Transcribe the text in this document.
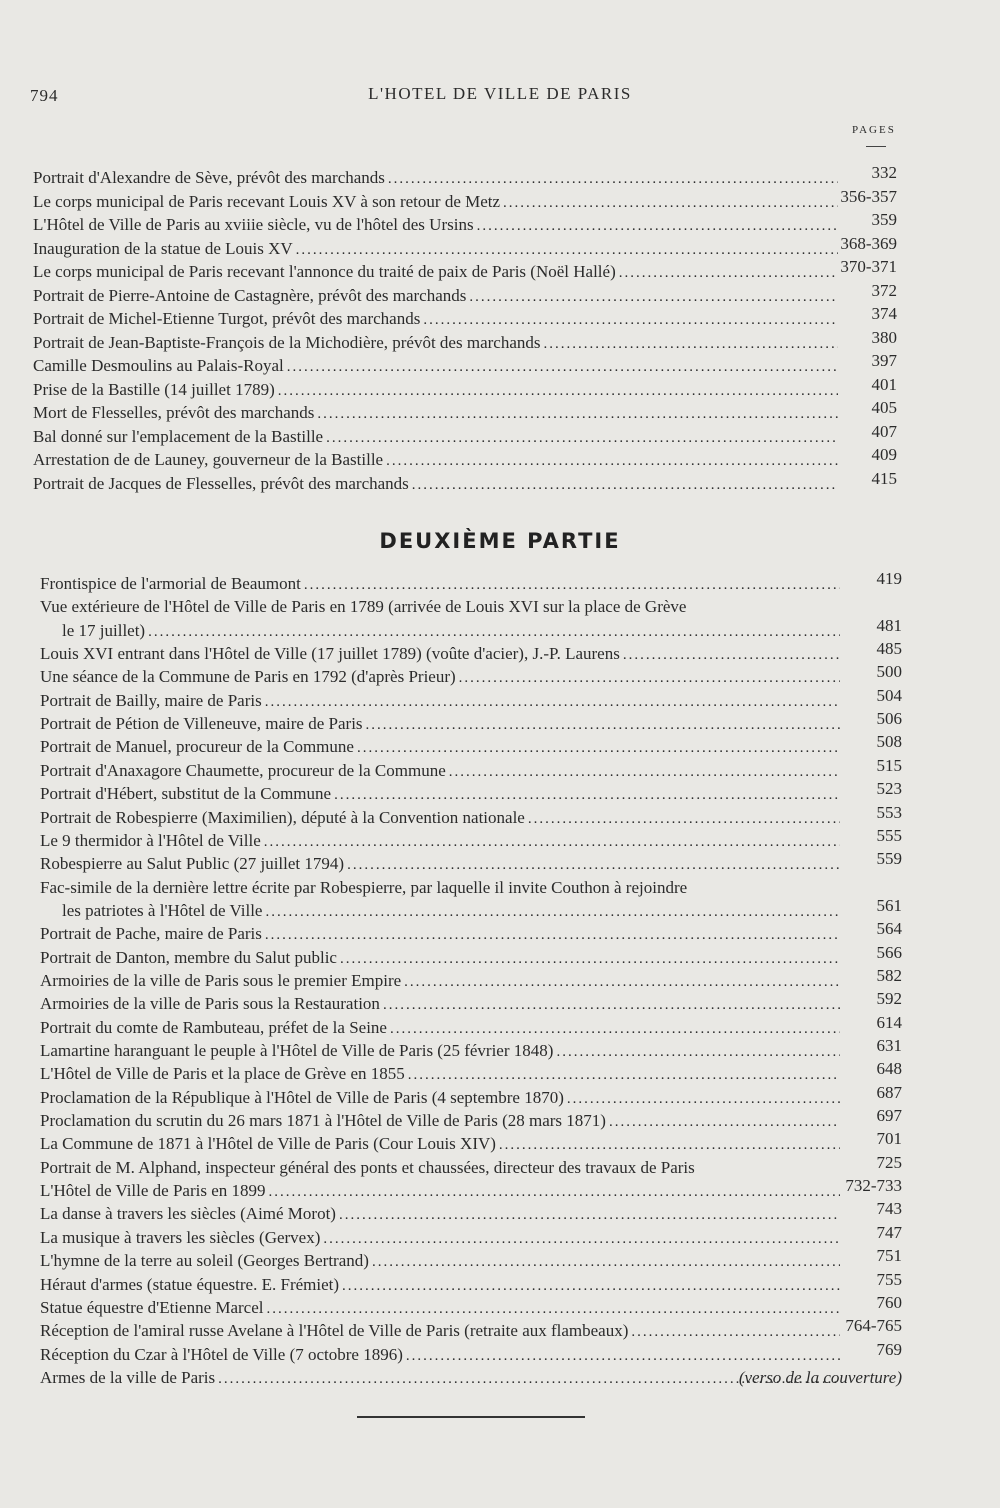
794	L'HOTEL DE VILLE DE PARIS
PAGES
Portrait d'Alexandre de Sève, prévôt des marchands .....	332
Le corps municipal de Paris recevant Louis XV à son retour de Metz .....	356-357
L'Hôtel de Ville de Paris au xviiie siècle, vu de l'hôtel des Ursins .....	359
Inauguration de la statue de Louis XV .....	368-369
Le corps municipal de Paris recevant l'annonce du traité de paix de Paris (Noël Hallé) .....	370-371
Portrait de Pierre-Antoine de Castagnère, prévôt des marchands .....	372
Portrait de Michel-Etienne Turgot, prévôt des marchands .....	374
Portrait de Jean-Baptiste-François de la Michodière, prévôt des marchands .....	380
Camille Desmoulins au Palais-Royal .....	397
Prise de la Bastille (14 juillet 1789) .....	401
Mort de Flesselles, prévôt des marchands .....	405
Bal donné sur l'emplacement de la Bastille .....	407
Arrestation de de Launey, gouverneur de la Bastille .....	409
Portrait de Jacques de Flesselles, prévôt des marchands .....	415
DEUXIÈME PARTIE
Frontispice de l'armorial de Beaumont .....	419
Vue extérieure de l'Hôtel de Ville de Paris en 1789 (arrivée de Louis XVI sur la place de Grève
le 17 juillet) .....	481
Louis XVI entrant dans l'Hôtel de Ville (17 juillet 1789) (voûte d'acier), J.-P. Laurens .....	485
Une séance de la Commune de Paris en 1792 (d'après Prieur) .....	500
Portrait de Bailly, maire de Paris .....	504
Portrait de Pétion de Villeneuve, maire de Paris .....	506
Portrait de Manuel, procureur de la Commune .....	508
Portrait d'Anaxagore Chaumette, procureur de la Commune .....	515
Portrait d'Hébert, substitut de la Commune .....	523
Portrait de Robespierre (Maximilien), député à la Convention nationale .....	553
Le 9 thermidor à l'Hôtel de Ville .....	555
Robespierre au Salut Public (27 juillet 1794) .....	559
Fac-simile de la dernière lettre écrite par Robespierre, par laquelle il invite Couthon à rejoindre
les patriotes à l'Hôtel de Ville .....	561
Portrait de Pache, maire de Paris .....	564
Portrait de Danton, membre du Salut public .....	566
Armoiries de la ville de Paris sous le premier Empire .....	582
Armoiries de la ville de Paris sous la Restauration .....	592
Portrait du comte de Rambuteau, préfet de la Seine .....	614
Lamartine haranguant le peuple à l'Hôtel de Ville de Paris (25 février 1848) .....	631
L'Hôtel de Ville de Paris et la place de Grève en 1855 .....	648
Proclamation de la République à l'Hôtel de Ville de Paris (4 septembre 1870) .....	687
Proclamation du scrutin du 26 mars 1871 à l'Hôtel de Ville de Paris (28 mars 1871) .....	697
La Commune de 1871 à l'Hôtel de Ville de Paris (Cour Louis XIV) .....	701
Portrait de M. Alphand, inspecteur général des ponts et chaussées, directeur des travaux de Paris	725
L'Hôtel de Ville de Paris en 1899 .....	732-733
La danse à travers les siècles (Aimé Morot) .....	743
La musique à travers les siècles (Gervex) .....	747
L'hymne de la terre au soleil (Georges Bertrand) .....	751
Héraut d'armes (statue équestre. E. Frémiet) .....	755
Statue équestre d'Etienne Marcel .....	760
Réception de l'amiral russe Avelane à l'Hôtel de Ville de Paris (retraite aux flambeaux) .....	764-765
Réception du Czar à l'Hôtel de Ville (7 octobre 1896) .....	769
Armes de la ville de Paris .....	(verso de la couverture)
